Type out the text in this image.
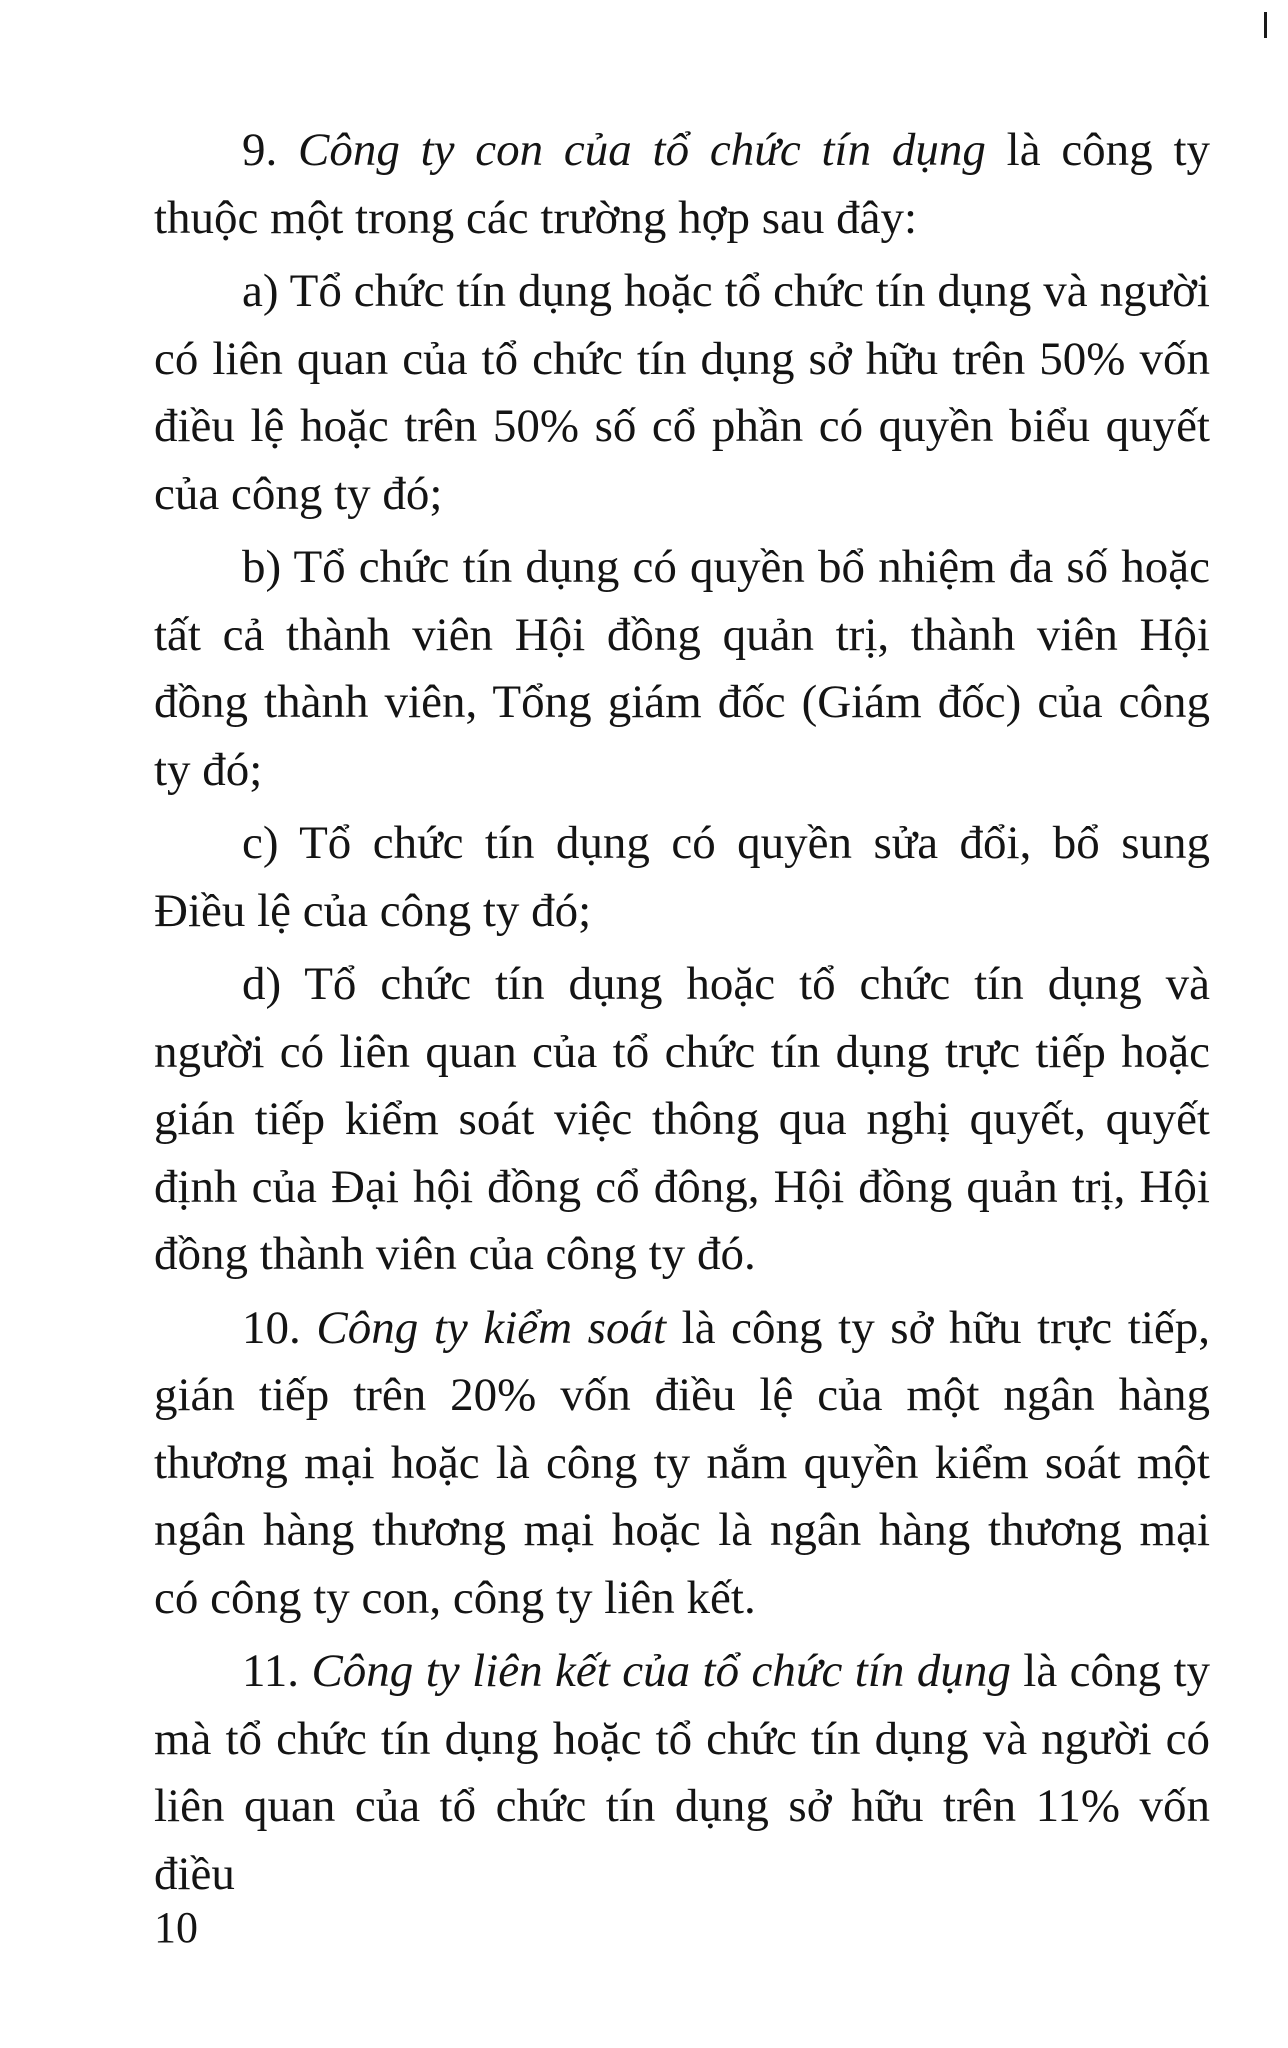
9. Công ty con của tổ chức tín dụng là công ty thuộc một trong các trường hợp sau đây:

a) Tổ chức tín dụng hoặc tổ chức tín dụng và người có liên quan của tổ chức tín dụng sở hữu trên 50% vốn điều lệ hoặc trên 50% số cổ phần có quyền biểu quyết của công ty đó;

b) Tổ chức tín dụng có quyền bổ nhiệm đa số hoặc tất cả thành viên Hội đồng quản trị, thành viên Hội đồng thành viên, Tổng giám đốc (Giám đốc) của công ty đó;

c) Tổ chức tín dụng có quyền sửa đổi, bổ sung Điều lệ của công ty đó;

d) Tổ chức tín dụng hoặc tổ chức tín dụng và người có liên quan của tổ chức tín dụng trực tiếp hoặc gián tiếp kiểm soát việc thông qua nghị quyết, quyết định của Đại hội đồng cổ đông, Hội đồng quản trị, Hội đồng thành viên của công ty đó.

10. Công ty kiểm soát là công ty sở hữu trực tiếp, gián tiếp trên 20% vốn điều lệ của một ngân hàng thương mại hoặc là công ty nắm quyền kiểm soát một ngân hàng thương mại hoặc là ngân hàng thương mại có công ty con, công ty liên kết.

11. Công ty liên kết của tổ chức tín dụng là công ty mà tổ chức tín dụng hoặc tổ chức tín dụng và người có liên quan của tổ chức tín dụng sở hữu trên 11% vốn điều

10
